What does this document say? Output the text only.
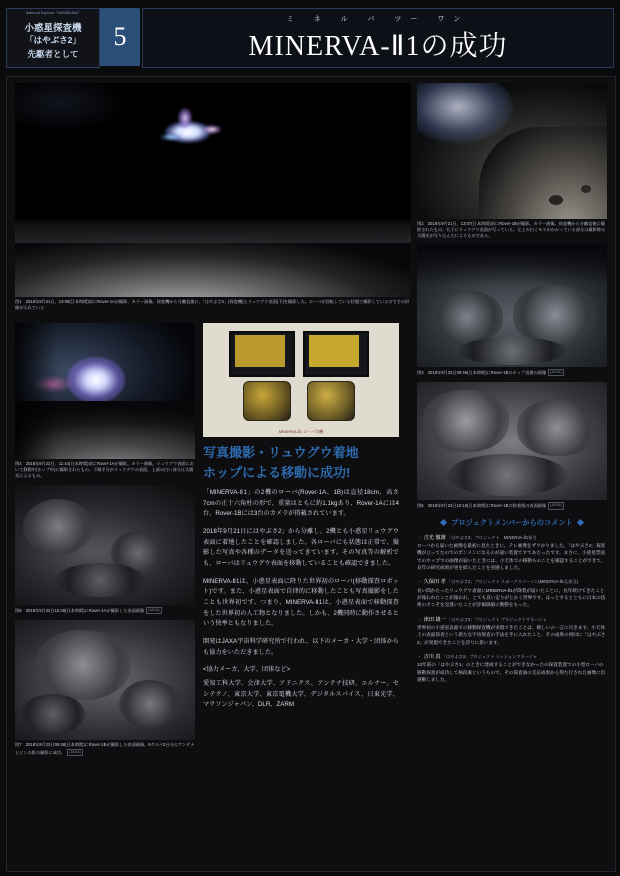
Asteroid Explorer "HAYABUSA2"
小惑星探査機
「はやぶさ2」
先駆者として
5
ミ ネ ル バ ツー ワン
MINERVA-Ⅱ1の成功
図1　2018年9月21日、13:08(日本時間)頃にRover-1Aが撮影。カラー画像。探査機から分離直後に、「はやぶさ2」(探査機)とリュウグウ表面(下)を撮影した。ローバが回転している状態で撮影しているのでその形像が示れている
図4　2018年9月22日、11:44(日本時間)頃にRover-1Aが撮影。カラー画像。リュウグウ表面において移動中(ホップ中)に撮影されたもの。下側半分がリュウグウの表面。上部の白い部分は太陽光によるもの。
図6　2018年9月22日15:28(日本時間)にRover-1Aが撮影した表面画像 (JAXA)
図7　2018年9月23日09:48(日本時間)にRover-1Bが撮影した表面画像。6タルバ2台分のアンテナとピンの影の撮影に成功。 (JAXA)
MINERVA-Ⅱ1 ローバ実機
写真撮影・リュウグウ着地
ホップによる移動に成功!

「MINERVA-Ⅱ1」の2機のローバ(Rover-1A、1B)は直径18cm、高さ7cmの正十六角柱の形で、重量はともに約1.1kgあり、Rover-1Aには4台、Rover-1Bには3台のカメラが搭載されています。

2018年9月21日にはやぶさ2」から分離し、2機とも小惑星リュウグウ表面に着地したことを確認しました。各ローバにも状態は正常で、撮影した写真や各種のデータを送ってきています。その写真等の解析でも、ローバはリュウグウ表面を移動していることも確認できました。

MINERVA-Ⅱ1は、小惑星表面に降りた世界初のローバ(移動探査ロボット)です。また、小惑星表面で自律的に移動したことも写真撮影をしたことも世界初です。つまり、MINERVA-Ⅱ1は、小惑星表面で移動探査をした世界初の人工物となりました。しかも、2機同時に動作させるという快挙ともなりました。

開発はJAXA宇宙科学研究所で行われ、以下のメーカ・大学・団体からも協力をいただきました。

<協力メーカ、大学、団体など>

愛知工科大学、会津大学、アドニクス、アンテナ技研、エルナー、セシテクノ、東京大学、東京電機大学、デジタルスパイス、日東光学、マクソンジャパン、DLR、ZARM

図2　2018年9月21日、13:07(日本時間)頃にRover-1Bが撮影。カラー画像。探査機から分離直後に撮影されたもの。右下にリュウグウ表面が写っている。左上の白くモヤがかかっている部分は撮影時の太陽光が写り込んだによるものである。
図3　2018年9月23日09:46(日本時間)にRover-1Bのホップ直後の画像 (JAXA)
図5　2018年9月23日10:10(日本時間)にRover-1Bの格着後の表面画像 (JAXA)
プロジェクトメンバーからのコメント
・ 吉光 徹雄 「はやぶさ2」プロジェクト　MINERVA-Ⅱ1担当
ローバから届いた画像を最初に見たときに、テレ画像をザワかりました。「はやぶさ2」探査機が立ってたのでのボンメンになるのが遠い装置ですてあたったです。まさに、小惑星票面でのホップでの画像が届いたときには、小天体での移動ものことを確認することができて、長年の研究成果が実を結んだことを実感しました。
・ 久保田 孝 「はやぶさ2」プロジェクト スポークスパーソン(MINERVA-Ⅱ1も担当)
長い間かたったリュウグウ表面にMINERVA-Ⅱ1が降着が届いたことに、長年続けてきたことが報われたことが報われ、とても良い走りがとかく世界です。ほっとするとともに日本の技術の才こそを見逃いたことが評価価値の動動をもった。
・ 津田 雄一 「はやぶさ2」プロジェクト プロジェクトマネージャ
世界初の小惑星表面での移動探査機が実現できたことは、嬉しいの一言に尽きます。小天体上の表面探査という新たな宇宙探査の手法を手に入れたこと、その成果の初回に「はやぶさ2」が実現できたことを誇りに思います。
・ 吉川 真 「はやぶさ2」プロジェクト ミッションマネージャ
13年前の「はやぶさ1」のときに達成することができなかったの探査装置での小型ローバの移動探査が成功して格段素というもので、その探査面の支応成果から得た行された画像に出感動しました。
